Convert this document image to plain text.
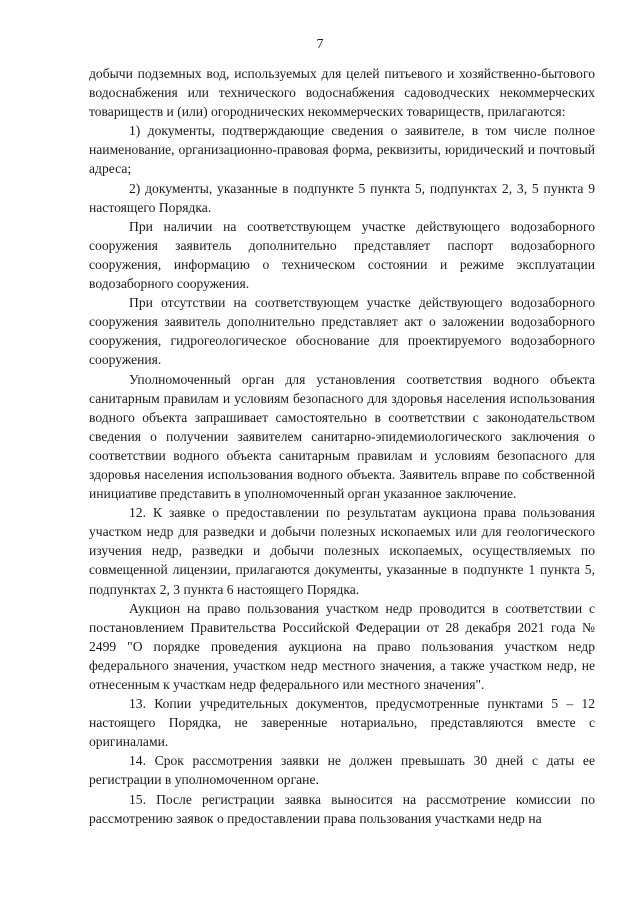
7

добычи подземных вод, используемых для целей питьевого и хозяйственно-бытового водоснабжения или технического водоснабжения садоводческих некоммерческих товариществ и (или) огороднических некоммерческих товариществ, прилагаются:

1) документы, подтверждающие сведения о заявителе, в том числе полное наименование, организационно-правовая форма, реквизиты, юридический и почтовый адреса;

2) документы, указанные в подпункте 5 пункта 5, подпунктах 2, 3, 5 пункта 9 настоящего Порядка.

При наличии на соответствующем участке действующего водозаборного сооружения заявитель дополнительно представляет паспорт водозаборного сооружения, информацию о техническом состоянии и режиме эксплуатации водозаборного сооружения.

При отсутствии на соответствующем участке действующего водозаборного сооружения заявитель дополнительно представляет акт о заложении водозаборного сооружения, гидрогеологическое обоснование для проектируемого водозаборного сооружения.

Уполномоченный орган для установления соответствия водного объекта санитарным правилам и условиям безопасного для здоровья населения использования водного объекта запрашивает самостоятельно в соответствии с законодательством сведения о получении заявителем санитарно-эпидемиологического заключения о соответствии водного объекта санитарным правилам и условиям безопасного для здоровья населения использования водного объекта. Заявитель вправе по собственной инициативе представить в уполномоченный орган указанное заключение.

12. К заявке о предоставлении по результатам аукциона права пользования участком недр для разведки и добычи полезных ископаемых или для геологического изучения недр, разведки и добычи полезных ископаемых, осуществляемых по совмещенной лицензии, прилагаются документы, указанные в подпункте 1 пункта 5, подпунктах 2, 3 пункта 6 настоящего Порядка.

Аукцион на право пользования участком недр проводится в соответствии с постановлением Правительства Российской Федерации от 28 декабря 2021 года № 2499 "О порядке проведения аукциона на право пользования участком недр федерального значения, участком недр местного значения, а также участком недр, не отнесенным к участкам недр федерального или местного значения".

13. Копии учредительных документов, предусмотренные пунктами 5 – 12 настоящего Порядка, не заверенные нотариально, представляются вместе с оригиналами.

14. Срок рассмотрения заявки не должен превышать 30 дней с даты ее регистрации в уполномоченном органе.

15. После регистрации заявка выносится на рассмотрение комиссии по рассмотрению заявок о предоставлении права пользования участками недр на
